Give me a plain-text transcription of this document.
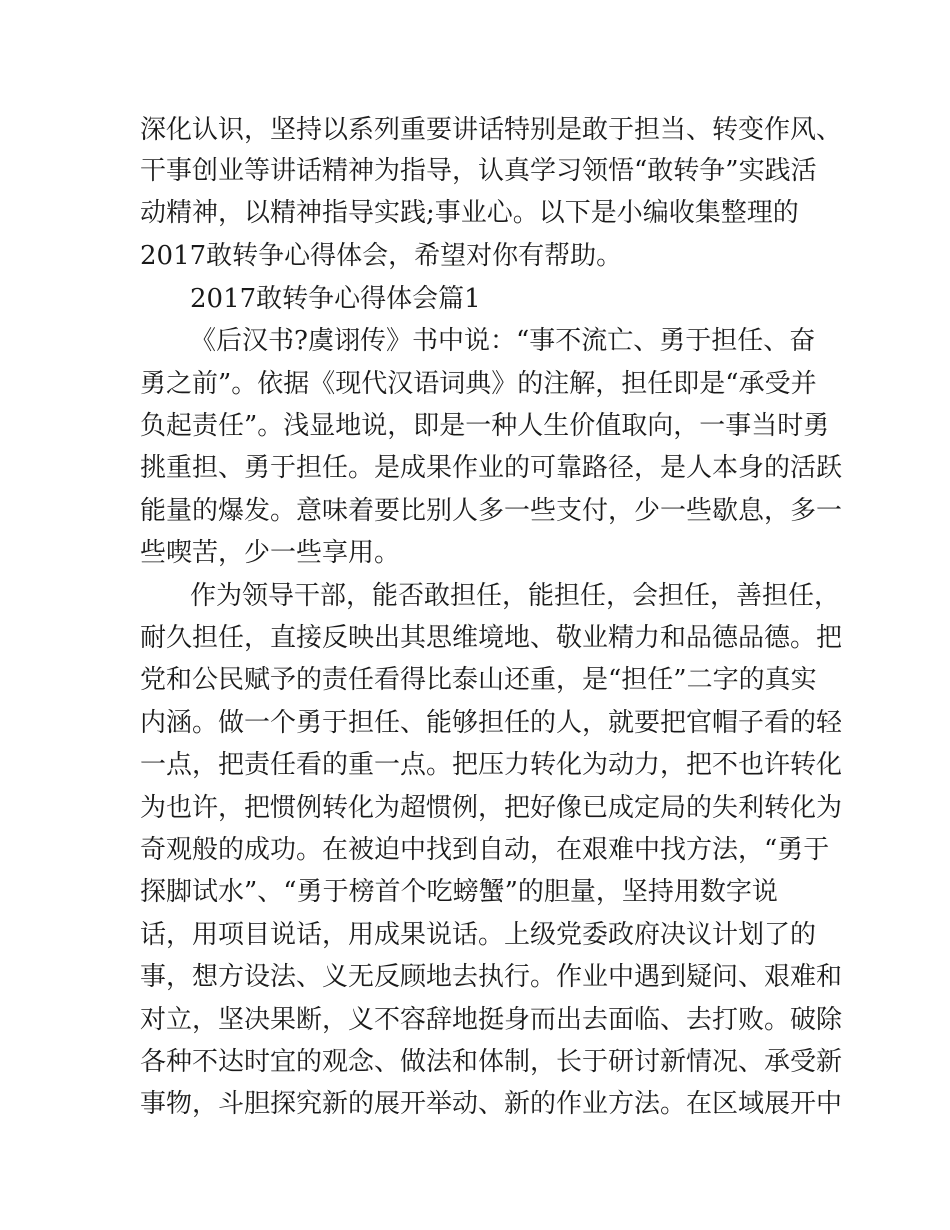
深化认识，坚持以系列重要讲话特别是敢于担当、转变作风、
干事创业等讲话精神为指导，认真学习领悟“敢转争”实践活
动精神，以精神指导实践;事业心。以下是小编收集整理的
2017敢转争心得体会，希望对你有帮助。
2017敢转争心得体会篇1
《后汉书?虞诩传》书中说：“事不流亡、勇于担任、奋
勇之前”。依据《现代汉语词典》的注解，担任即是“承受并
负起责任”。浅显地说，即是一种人生价值取向，一事当时勇
挑重担、勇于担任。是成果作业的可靠路径，是人本身的活跃
能量的爆发。意味着要比别人多一些支付，少一些歇息，多一
些喫苦，少一些享用。
作为领导干部，能否敢担任，能担任，会担任，善担任，
耐久担任，直接反映出其思维境地、敬业精力和品德品德。把
党和公民赋予的责任看得比泰山还重，是“担任”二字的真实
内涵。做一个勇于担任、能够担任的人，就要把官帽子看的轻
一点，把责任看的重一点。把压力转化为动力，把不也许转化
为也许，把惯例转化为超惯例，把好像已成定局的失利转化为
奇观般的成功。在被迫中找到自动，在艰难中找方法，“勇于
探脚试水”、“勇于榜首个吃螃蟹”的胆量，坚持用数字说
话，用项目说话，用成果说话。上级党委政府决议计划了的
事，想方设法、义无反顾地去执行。作业中遇到疑问、艰难和
对立，坚决果断，义不容辞地挺身而出去面临、去打败。破除
各种不达时宜的观念、做法和体制，长于研讨新情况、承受新
事物，斗胆探究新的展开举动、新的作业方法。在区域展开中
